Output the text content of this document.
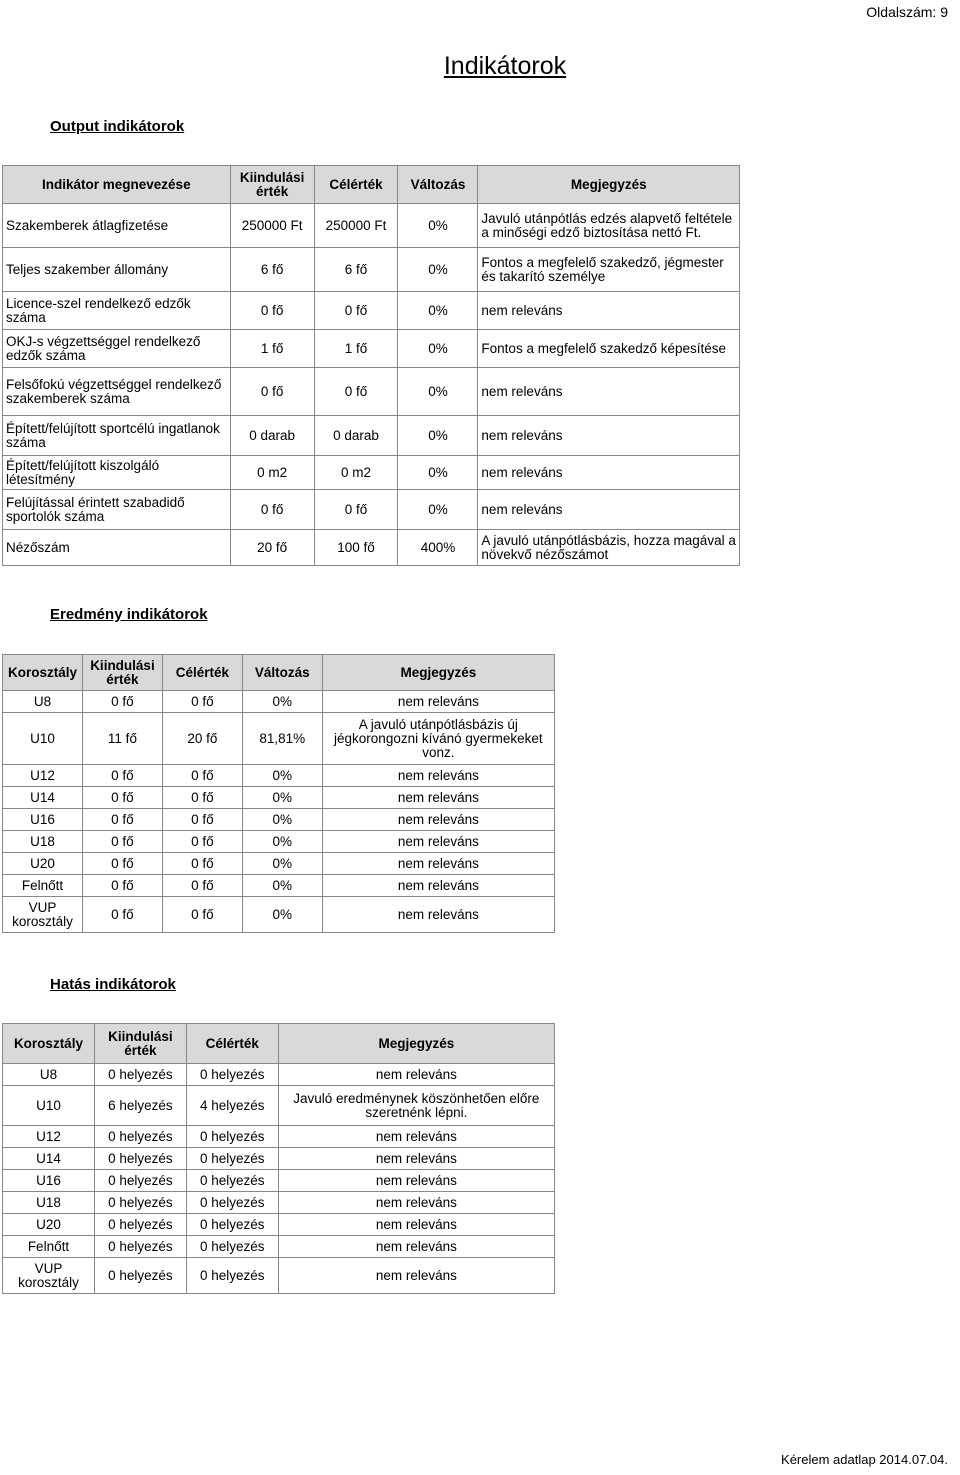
Oldalszám: 9
Indikátorok
Output indikátorok
Indikátor megnevezése	Kiindulási érték	Célérték	Változás	Megjegyzés
Szakemberek átlagfizetése	250000 Ft	250000 Ft	0%	Javuló utánpótlás edzés alapvető feltétele a minőségi edző biztosítása nettó Ft.
Teljes szakember állomány	6 fő	6 fő	0%	Fontos a megfelelő szakedző, jégmester és takarító személye
Licence-szel rendelkező edzők száma	0 fő	0 fő	0%	nem releváns
OKJ-s végzettséggel rendelkező edzők száma	1 fő	1 fő	0%	Fontos a megfelelő szakedző képesítése
Felsőfokú végzettséggel rendelkező szakemberek száma	0 fő	0 fő	0%	nem releváns
Épített/felújított sportcélú ingatlanok száma	0 darab	0 darab	0%	nem releváns
Épített/felújított kiszolgáló létesítmény	0 m2	0 m2	0%	nem releváns
Felújítással érintett szabadidő sportolók száma	0 fő	0 fő	0%	nem releváns
Nézőszám	20 fő	100 fő	400%	A javuló utánpótlásbázis, hozza magával a növekvő nézőszámot
Eredmény indikátorok
Korosztály	Kiindulási érték	Célérték	Változás	Megjegyzés
U8	0 fő	0 fő	0%	nem releváns
U10	11 fő	20 fő	81,81%	A javuló utánpótlásbázis új jégkorongozni kívánó gyermekeket vonz.
U12	0 fő	0 fő	0%	nem releváns
U14	0 fő	0 fő	0%	nem releváns
U16	0 fő	0 fő	0%	nem releváns
U18	0 fő	0 fő	0%	nem releváns
U20	0 fő	0 fő	0%	nem releváns
Felnőtt	0 fő	0 fő	0%	nem releváns
VUP korosztály	0 fő	0 fő	0%	nem releváns
Hatás indikátorok
Korosztály	Kiindulási érték	Célérték	Megjegyzés
U8	0 helyezés	0 helyezés	nem releváns
U10	6 helyezés	4 helyezés	Javuló eredménynek köszönhetően előre szeretnénk lépni.
U12	0 helyezés	0 helyezés	nem releváns
U14	0 helyezés	0 helyezés	nem releváns
U16	0 helyezés	0 helyezés	nem releváns
U18	0 helyezés	0 helyezés	nem releváns
U20	0 helyezés	0 helyezés	nem releváns
Felnőtt	0 helyezés	0 helyezés	nem releváns
VUP korosztály	0 helyezés	0 helyezés	nem releváns
Kérelem adatlap 2014.07.04.
